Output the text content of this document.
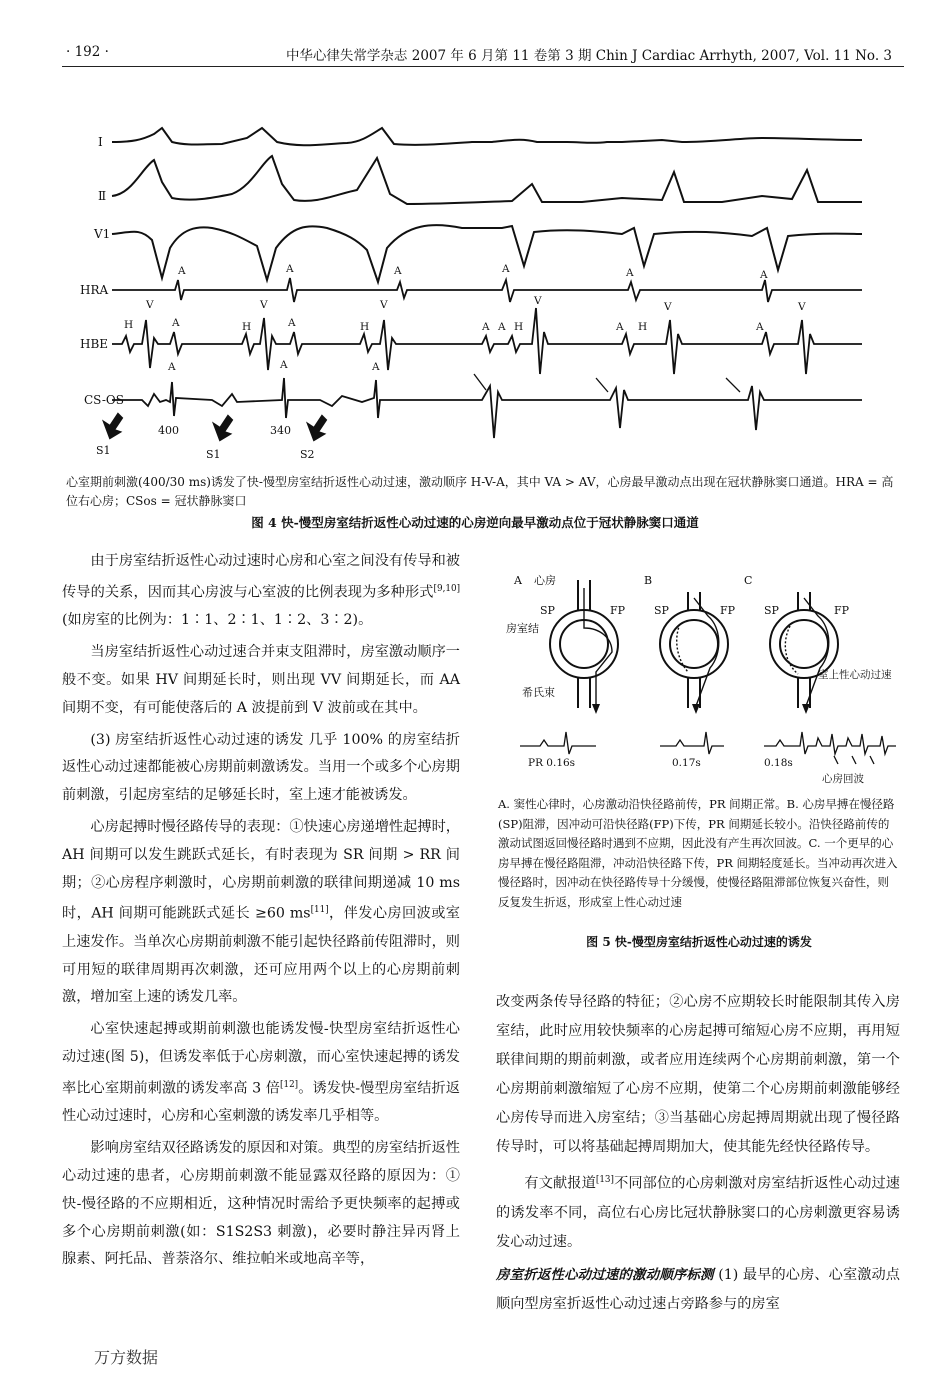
· 192 ·	中华心律失常学杂志 2007 年 6 月第 11 卷第 3 期 Chin J Cardiac Arrhyth, 2007, Vol. 11 No. 3
I
Ⅱ
V1
HRA
HBE
CS-OS
A	A	A	A	A	A
H
V
A	H
V
A	H
V
A A H
V
A H
V
A
V
A	A	A
400	340
S1	S1	S2
心室期前刺激(400/30 ms)诱发了快-慢型房室结折返性心动过速，激动顺序 H-V-A，其中 VA > AV，心房最早激动点出现在冠状静脉窦口通道。HRA = 高位右心房；CSos = 冠状静脉窦口
图 4 快-慢型房室结折返性心动过速的心房逆向最早激动点位于冠状静脉窦口通道

由于房室结折返性心动过速时心房和心室之间没有传导和被传导的关系，因而其心房波与心室波的比例表现为多种形式[9,10](如房室的比例为：1∶1、2∶1、1∶2、3∶2)。

当房室结折返性心动过速合并束支阻滞时，房室激动顺序一般不变。如果 HV 间期延长时，则出现 VV 间期延长，而 AA 间期不变，有可能使落后的 A 波提前到 V 波前或在其中。

(3) 房室结折返性心动过速的诱发 几乎 100% 的房室结折返性心动过速都能被心房期前刺激诱发。当用一个或多个心房期前刺激，引起房室结的足够延长时，室上速才能被诱发。

心房起搏时慢径路传导的表现：①快速心房递增性起搏时，AH 间期可以发生跳跃式延长，有时表现为 SR 间期 > RR 间期；②心房程序刺激时，心房期前刺激的联律间期递减 10 ms 时，AH 间期可能跳跃式延长 ≥60 ms[11]，伴发心房回波或室上速发作。当单次心房期前刺激不能引起快径路前传阻滞时，则可用短的联律周期再次刺激，还可应用两个以上的心房期前刺激，增加室上速的诱发几率。

心室快速起搏或期前刺激也能诱发慢-快型房室结折返性心动过速(图 5)，但诱发率低于心房刺激，而心室快速起搏的诱发率比心室期前刺激的诱发率高 3 倍[12]。诱发快-慢型房室结折返性心动过速时，心房和心室刺激的诱发率几乎相等。

影响房室结双径路诱发的原因和对策。典型的房室结折返性心动过速的患者，心房期前刺激不能显露双径路的原因为：①快-慢径路的不应期相近，这种情况时需给予更快频率的起搏或多个心房期前刺激(如：S1S2S3 刺激)，必要时静注异丙肾上腺素、阿托品、普萘洛尔、维拉帕米或地高辛等，

A 心房	B	C
SP	FP	SP	FP	SP	FP
房室结
希氏束
室上性心动过速
PR 0.16s	0.17s	0.18s
心房回波
A. 窦性心律时，心房激动沿快径路前传，PR 间期正常。B. 心房早搏在慢径路(SP)阻滞，因冲动可沿快径路(FP)下传，PR 间期延长较小。沿快径路前传的激动试图返回慢径路时遇到不应期，因此没有产生再次回波。C. 一个更早的心房早搏在慢径路阻滞，冲动沿快径路下传，PR 间期轻度延长。当冲动再次进入慢径路时，因冲动在快径路传导十分缓慢，使慢径路阻滞部位恢复兴奋性，则反复发生折返，形成室上性心动过速
图 5 快-慢型房室结折返性心动过速的诱发

改变两条传导径路的特征；②心房不应期较长时能限制其传入房室结，此时应用较快频率的心房起搏可缩短心房不应期，再用短联律间期的期前刺激，或者应用连续两个心房期前刺激，第一个心房期前刺激缩短了心房不应期，使第二个心房期前刺激能够经心房传导而进入房室结；③当基础心房起搏周期就出现了慢径路传导时，可以将基础起搏周期加大，使其能先经快径路传导。

有文献报道[13]不同部位的心房刺激对房室结折返性心动过速的诱发率不同，高位右心房比冠状静脉窦口的心房刺激更容易诱发心动过速。

房室折返性心动过速的激动顺序标测 (1) 最早的心房、心室激动点 顺向型房室折返性心动过速占旁路参与的房室

万方数据
